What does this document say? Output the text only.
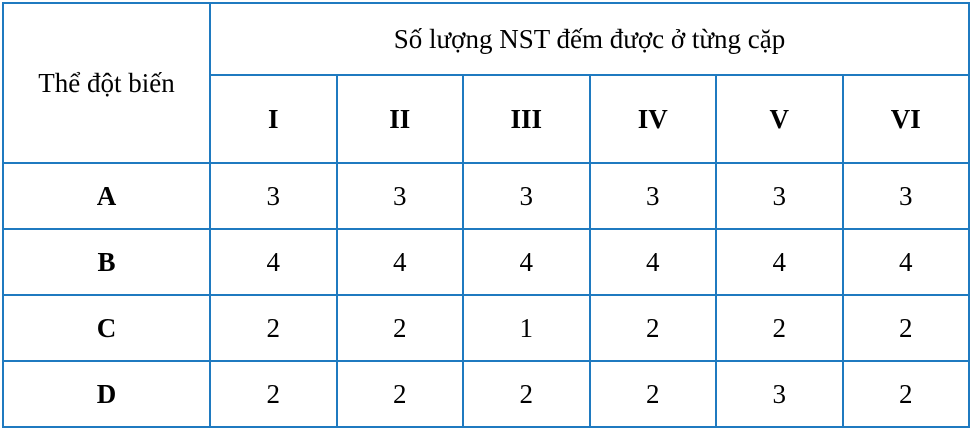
Thể đột biến	Số lượng NST đếm được ở từng cặp					
	I	II	III	IV	V	VI
A	3	3	3	3	3	3
B	4	4	4	4	4	4
C	2	2	1	2	2	2
D	2	2	2	2	3	2
